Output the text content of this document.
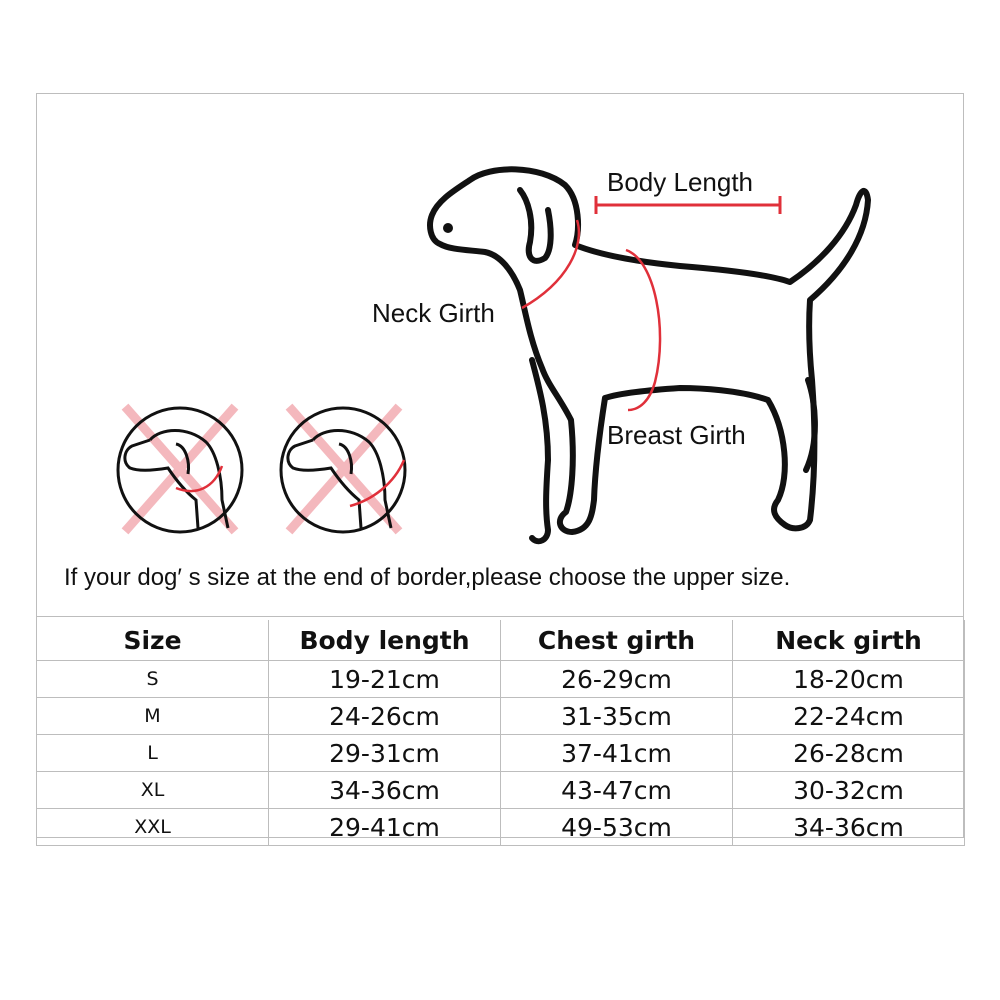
Body Length
Neck Girth
Breast Girth
If your dog′ s size at the end of border,please choose the upper size.
Size	Body length	Chest girth	Neck girth
S	19-21cm	26-29cm	18-20cm
M	24-26cm	31-35cm	22-24cm
L	29-31cm	37-41cm	26-28cm
XL	34-36cm	43-47cm	30-32cm
XXL	29-41cm	49-53cm	34-36cm
